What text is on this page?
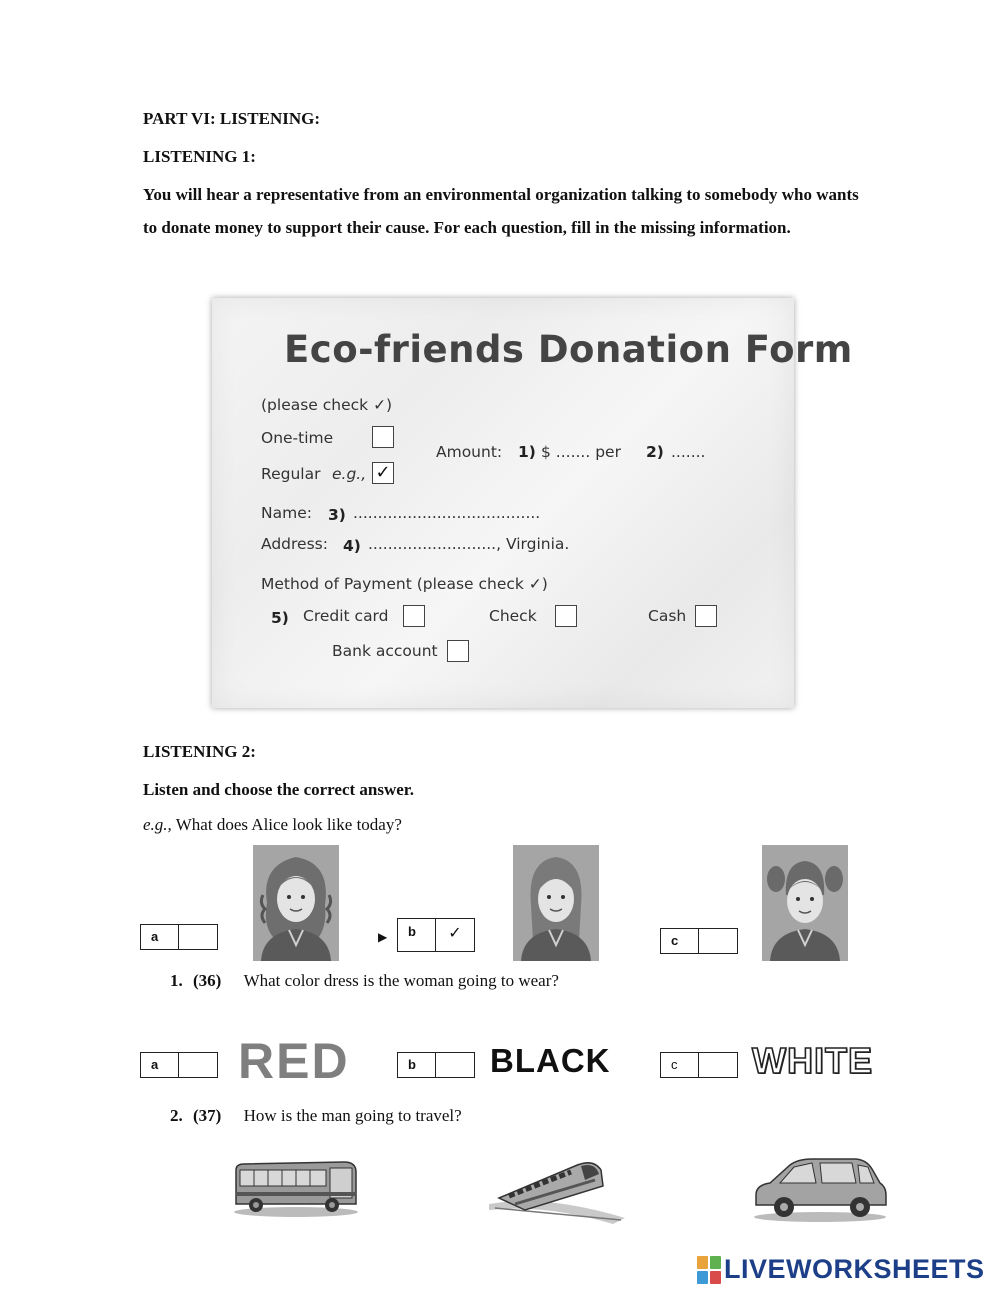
PART VI: LISTENING:
LISTENING 1:
You will hear a representative from an environmental organization talking to somebody who wants to donate money to support their cause. For each question, fill in the missing information.
Eco-friends Donation Form
(please check ✓)
One-time
Regular e.g., ✓
Amount: 1) $ ....... per 2) .......
Name: 3) ......................................
Address: 4) .........................., Virginia.
Method of Payment (please check ✓)
5) Credit card	Check	Cash
Bank account
LISTENING 2:
Listen and choose the correct answer.
e.g., What does Alice look like today?
a	▶	b	✓	c
1. (36) What color dress is the woman going to wear?
a	RED	b	BLACK	c	WHITE
2. (37) How is the man going to travel?
LIVEWORKSHEETS
